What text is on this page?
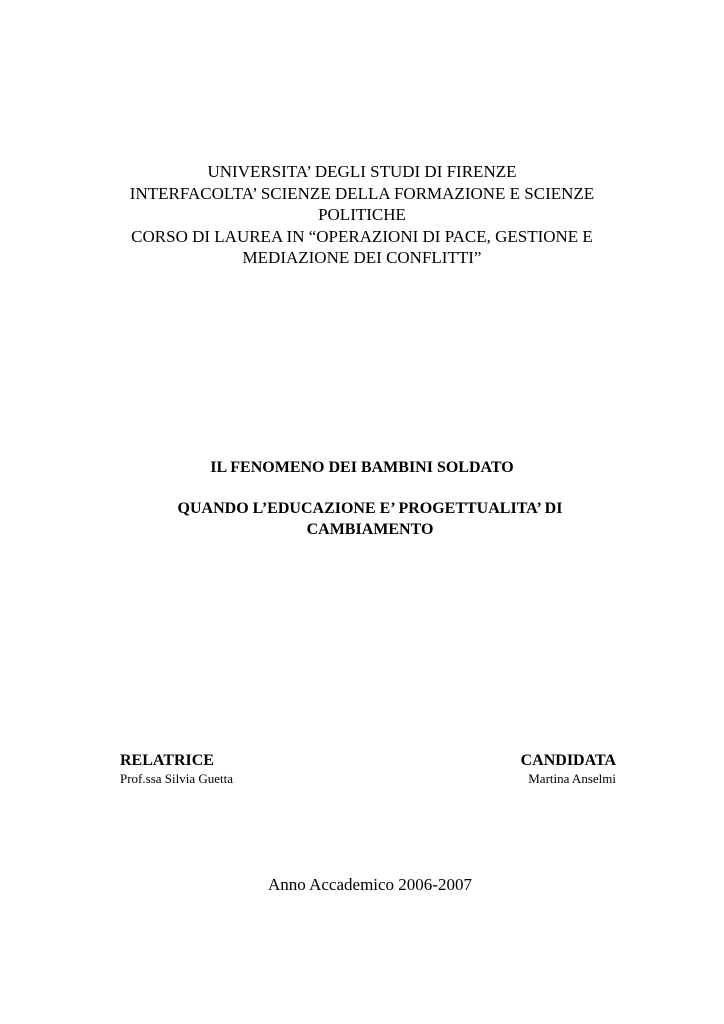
UNIVERSITA’ DEGLI STUDI DI FIRENZE
INTERFACOLTA’ SCIENZE DELLA FORMAZIONE E SCIENZE
POLITICHE
CORSO DI LAUREA IN “OPERAZIONI DI PACE, GESTIONE E
MEDIAZIONE DEI CONFLITTI”
IL FENOMENO DEI BAMBINI SOLDATO
QUANDO L’EDUCAZIONE E’ PROGETTUALITA’ DI
CAMBIAMENTO
RELATRICE
Prof.ssa Silvia Guetta
CANDIDATA
Martina Anselmi
Anno Accademico 2006-2007
